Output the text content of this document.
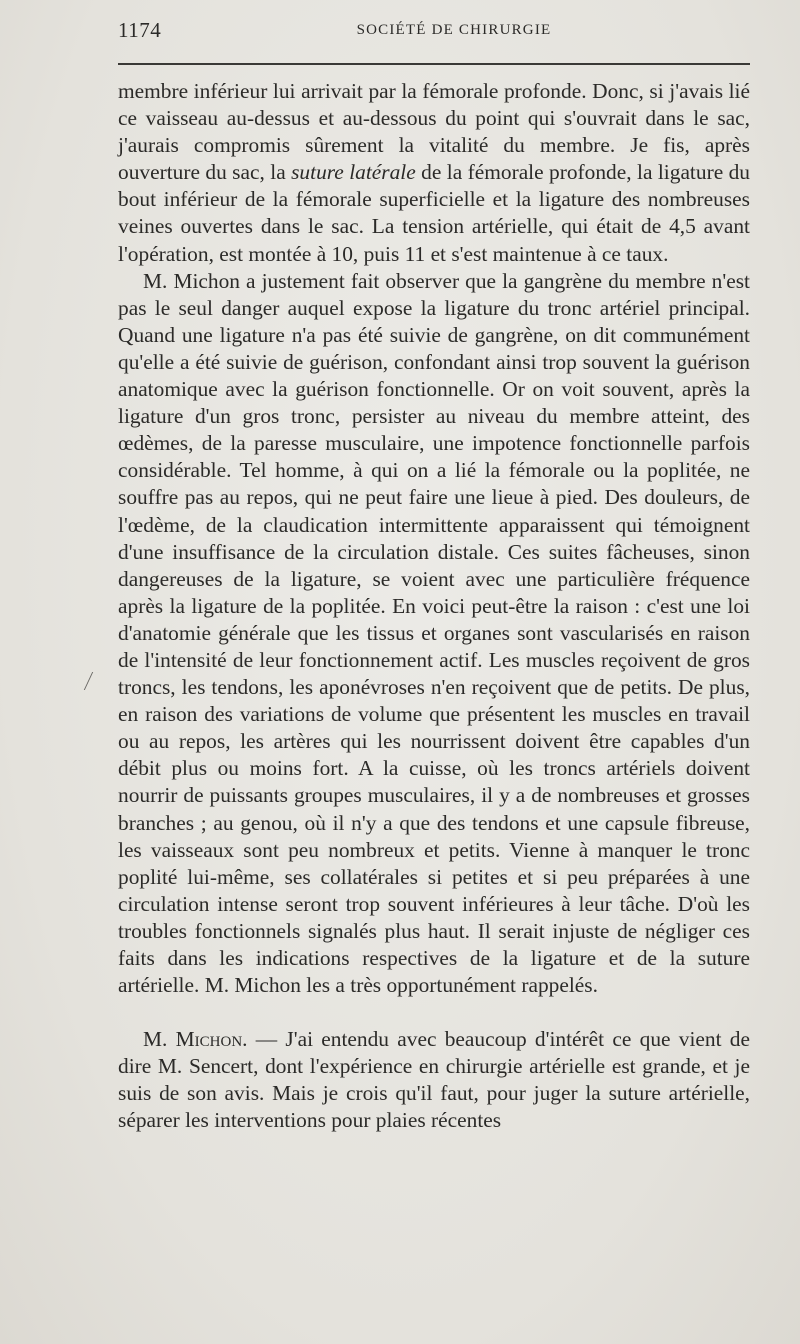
1174	SOCIÉTÉ DE CHIRURGIE

membre inférieur lui arrivait par la fémorale profonde. Donc, si j'avais lié ce vaisseau au-dessus et au-dessous du point qui s'ouvrait dans le sac, j'aurais compromis sûrement la vitalité du membre. Je fis, après ouverture du sac, la suture latérale de la fémorale profonde, la ligature du bout inférieur de la fémorale superficielle et la ligature des nombreuses veines ouvertes dans le sac. La tension artérielle, qui était de 4,5 avant l'opération, est montée à 10, puis 11 et s'est maintenue à ce taux.

M. Michon a justement fait observer que la gangrène du membre n'est pas le seul danger auquel expose la ligature du tronc artériel principal. Quand une ligature n'a pas été suivie de gangrène, on dit communément qu'elle a été suivie de guérison, confondant ainsi trop souvent la guérison anatomique avec la guérison fonctionnelle. Or on voit souvent, après la ligature d'un gros tronc, persister au niveau du membre atteint, des œdèmes, de la paresse musculaire, une impotence fonctionnelle parfois considérable. Tel homme, à qui on a lié la fémorale ou la poplitée, ne souffre pas au repos, qui ne peut faire une lieue à pied. Des douleurs, de l'œdème, de la claudication intermittente apparaissent qui témoignent d'une insuffisance de la circulation distale. Ces suites fâcheuses, sinon dangereuses de la ligature, se voient avec une particulière fréquence après la ligature de la poplitée. En voici peut-être la raison : c'est une loi d'anatomie générale que les tissus et organes sont vascularisés en raison de l'intensité de leur fonctionnement actif. Les muscles reçoivent de gros troncs, les tendons, les aponévroses n'en reçoivent que de petits. De plus, en raison des variations de volume que présentent les muscles en travail ou au repos, les artères qui les nourrissent doivent être capables d'un débit plus ou moins fort. A la cuisse, où les troncs artériels doivent nourrir de puissants groupes musculaires, il y a de nombreuses et grosses branches ; au genou, où il n'y a que des tendons et une capsule fibreuse, les vaisseaux sont peu nombreux et petits. Vienne à manquer le tronc poplité lui-même, ses collatérales si petites et si peu préparées à une circulation intense seront trop souvent inférieures à leur tâche. D'où les troubles fonctionnels signalés plus haut. Il serait injuste de négliger ces faits dans les indications respectives de la ligature et de la suture artérielle. M. Michon les a très opportunément rappelés.

M. Michon. — J'ai entendu avec beaucoup d'intérêt ce que vient de dire M. Sencert, dont l'expérience en chirurgie artérielle est grande, et je suis de son avis. Mais je crois qu'il faut, pour juger la suture artérielle, séparer les interventions pour plaies récentes
